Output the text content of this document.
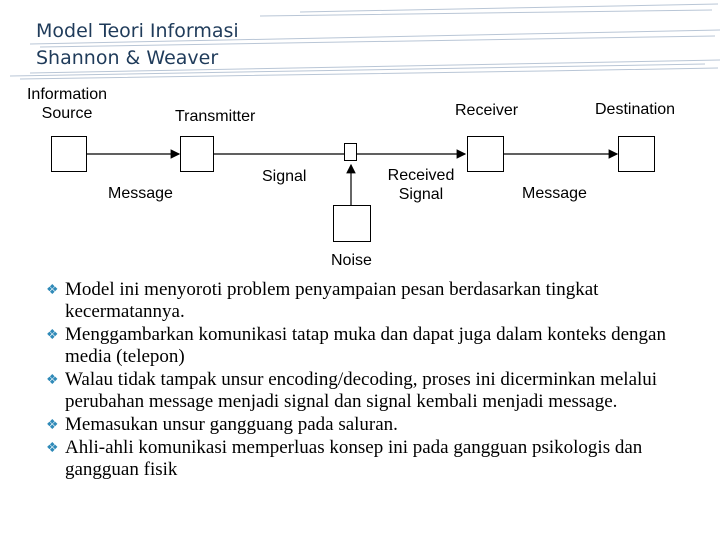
Model Teori Informasi
Shannon & Weaver
Information
Source	Transmitter	Receiver	Destination
Message
Signal	Received
Signal	Message
Noise
❖ Model ini menyoroti problem penyampaian pesan berdasarkan tingkat kecermatannya.
❖ Menggambarkan komunikasi tatap muka dan dapat juga dalam konteks dengan media (telepon)
❖ Walau tidak tampak unsur encoding/decoding, proses ini dicerminkan melalui perubahan message menjadi signal dan signal kembali menjadi message.
❖ Memasukan unsur gangguang pada saluran.
❖ Ahli-ahli komunikasi memperluas konsep ini pada gangguan psikologis dan gangguan fisik
